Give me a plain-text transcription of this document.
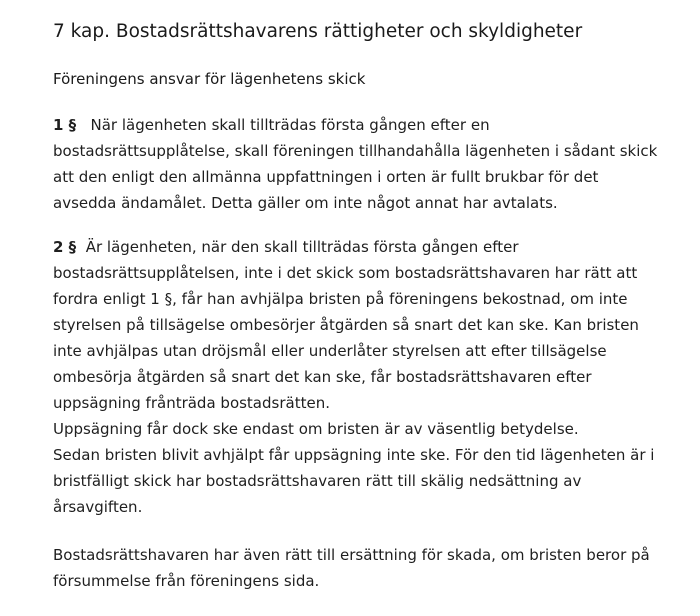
7 kap. Bostadsrättshavarens rättigheter och skyldigheter
Föreningens ansvar för lägenhetens skick
1 § När lägenheten skall tillträdas första gången efter en
bostadsrättsupplåtelse, skall föreningen tillhandahålla lägenheten i sådant skick
att den enligt den allmänna uppfattningen i orten är fullt brukbar för det
avsedda ändamålet. Detta gäller om inte något annat har avtalats.
2 § Är lägenheten, när den skall tillträdas första gången efter
bostadsrättsupplåtelsen, inte i det skick som bostadsrättshavaren har rätt att
fordra enligt 1 §, får han avhjälpa bristen på föreningens bekostnad, om inte
styrelsen på tillsägelse ombesörjer åtgärden så snart det kan ske. Kan bristen
inte avhjälpas utan dröjsmål eller underlåter styrelsen att efter tillsägelse
ombesörja åtgärden så snart det kan ske, får bostadsrättshavaren efter
uppsägning frånträda bostadsrätten.
Uppsägning får dock ske endast om bristen är av väsentlig betydelse.
Sedan bristen blivit avhjälpt får uppsägning inte ske. För den tid lägenheten är i
bristfälligt skick har bostadsrättshavaren rätt till skälig nedsättning av
årsavgiften.
Bostadsrättshavaren har även rätt till ersättning för skada, om bristen beror på
försummelse från föreningens sida.
